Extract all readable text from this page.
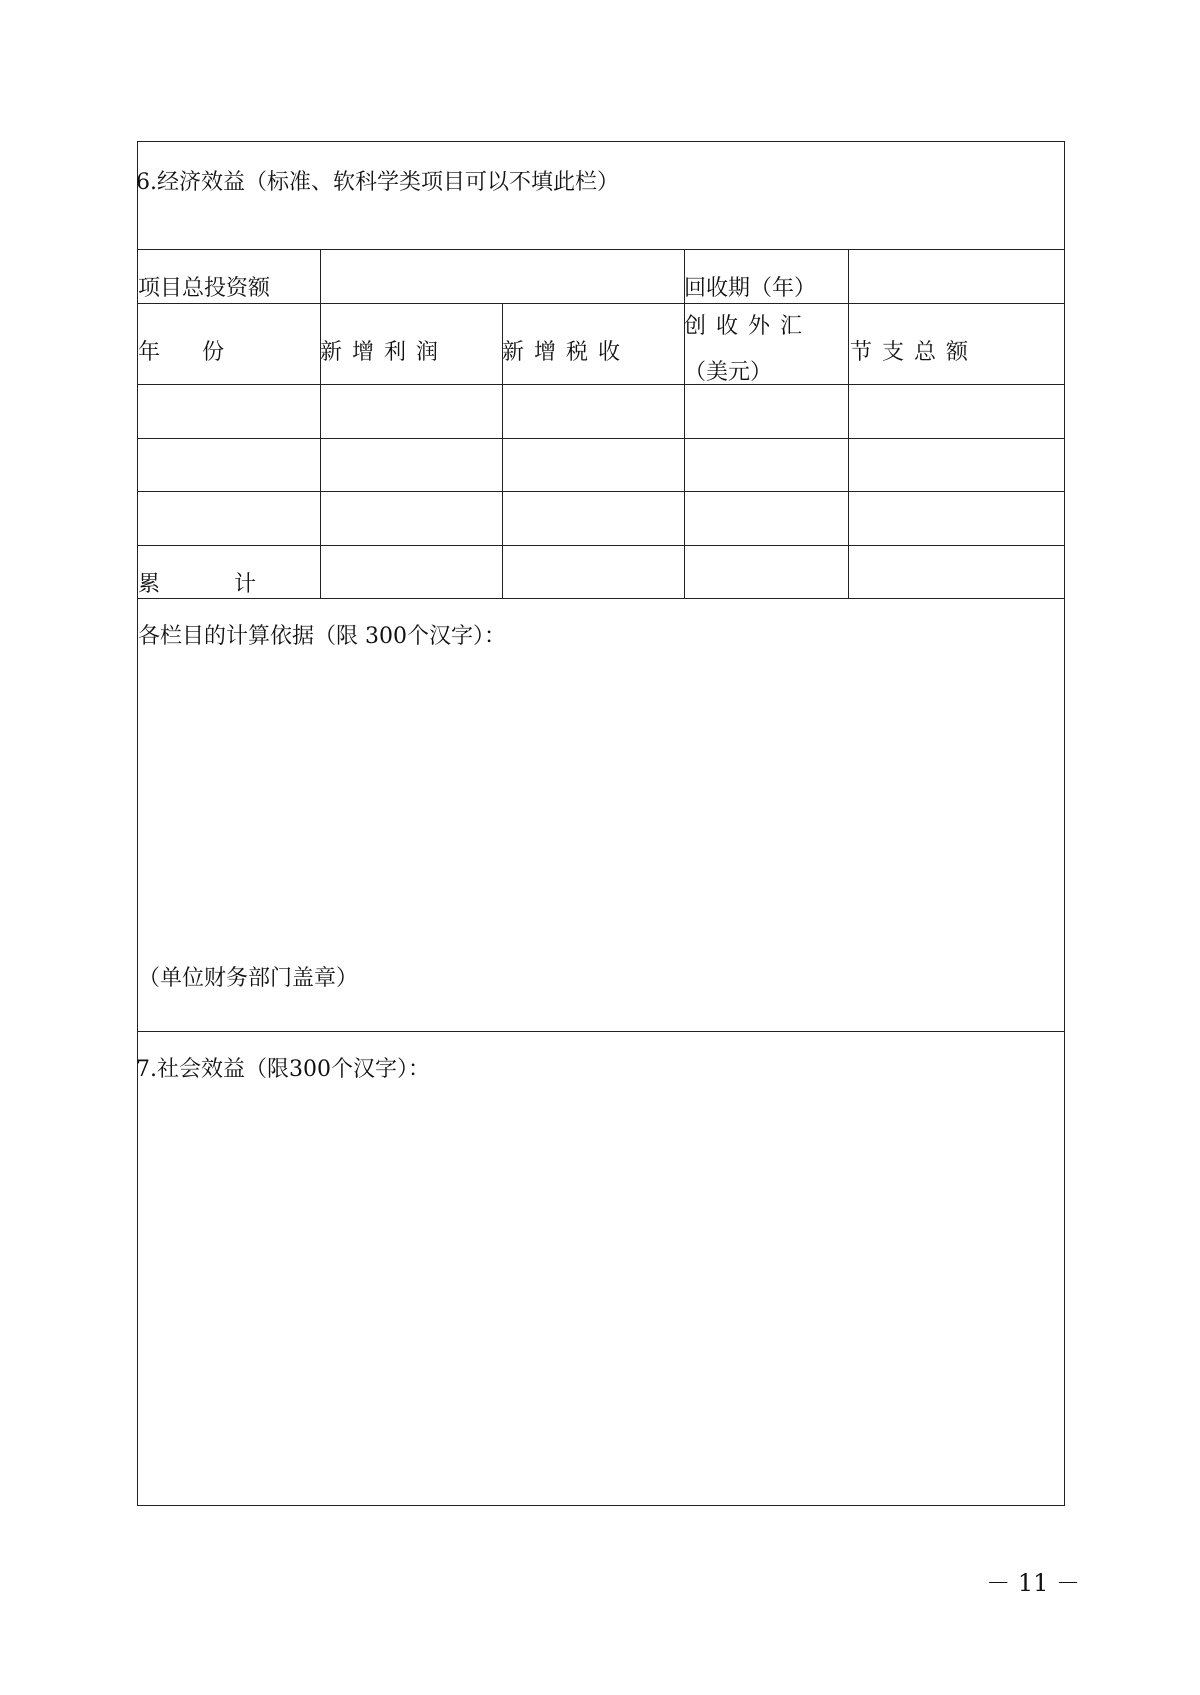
6.经济效益（标准、软科学类项目可以不填此栏）
项目总投资额	回收期（年）
年　份	新增利润 新增税收
创收外汇
（美元）
节支总额
累　　计
各栏目的计算依据（限 300个汉字）：
（单位财务部门盖章）
7.社会效益（限300个汉字）：
－ 11 －
